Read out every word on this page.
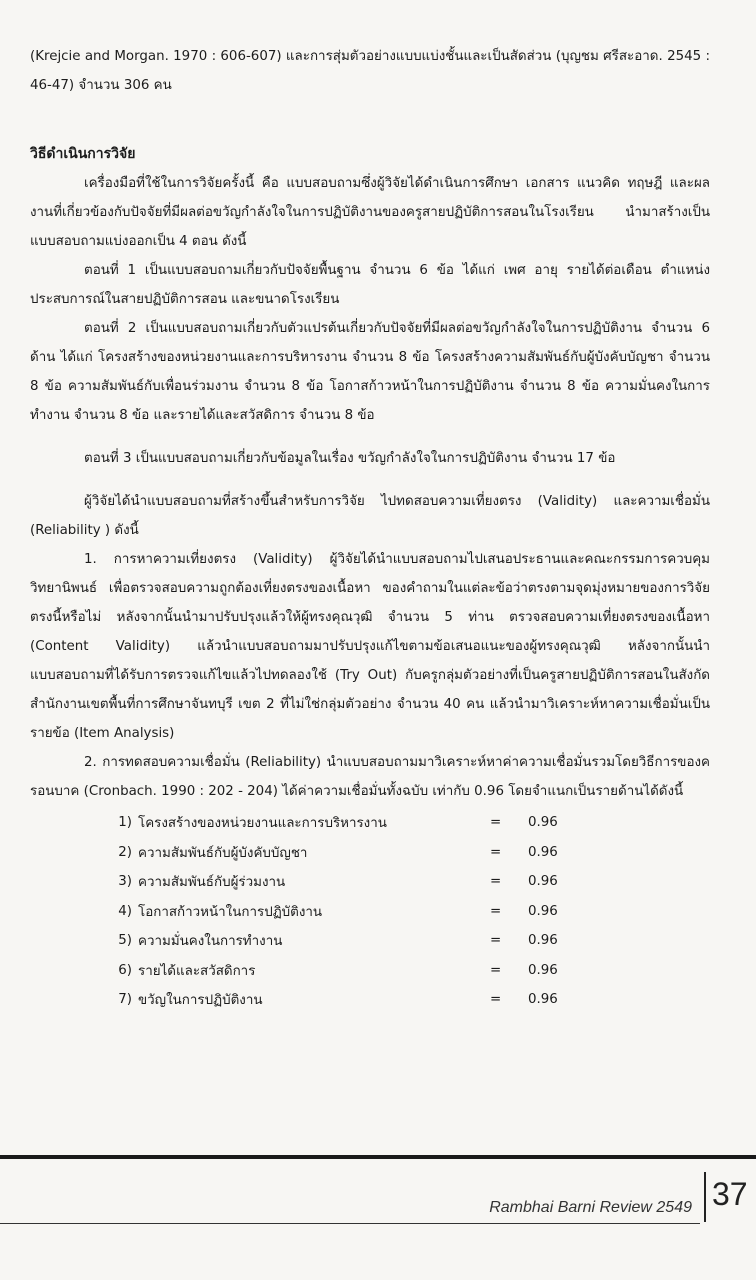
(Krejcie and Morgan. 1970 : 606-607) และการสุ่มตัวอย่างแบบแบ่งชั้นและเป็นสัดส่วน (บุญชม ศรีสะอาด. 2545 : 46-47) จำนวน 306 คน

วิธีดำเนินการวิจัย

เครื่องมือที่ใช้ในการวิจัยครั้งนี้ คือ แบบสอบถามซึ่งผู้วิจัยได้ดำเนินการศึกษา เอกสาร แนวคิด ทฤษฎี และผลงานที่เกี่ยวข้องกับปัจจัยที่มีผลต่อขวัญกำลังใจในการปฏิบัติงานของครูสายปฏิบัติการสอนในโรงเรียน นำมาสร้างเป็นแบบสอบถามแบ่งออกเป็น 4 ตอน ดังนี้

ตอนที่ 1 เป็นแบบสอบถามเกี่ยวกับปัจจัยพื้นฐาน จำนวน 6 ข้อ ได้แก่ เพศ อายุ รายได้ต่อเดือน ตำแหน่ง ประสบการณ์ในสายปฏิบัติการสอน และขนาดโรงเรียน

ตอนที่ 2 เป็นแบบสอบถามเกี่ยวกับตัวแปรต้นเกี่ยวกับปัจจัยที่มีผลต่อขวัญกำลังใจในการปฏิบัติงาน จำนวน 6 ด้าน ได้แก่ โครงสร้างของหน่วยงานและการบริหารงาน จำนวน 8 ข้อ โครงสร้างความสัมพันธ์กับผู้บังคับบัญชา จำนวน 8 ข้อ ความสัมพันธ์กับเพื่อนร่วมงาน จำนวน 8 ข้อ โอกาสก้าวหน้าในการปฏิบัติงาน จำนวน 8 ข้อ ความมั่นคงในการทำงาน จำนวน 8 ข้อ และรายได้และสวัสดิการ จำนวน 8 ข้อ

ตอนที่ 3 เป็นแบบสอบถามเกี่ยวกับข้อมูลในเรื่อง ขวัญกำลังใจในการปฏิบัติงาน จำนวน 17 ข้อ

ผู้วิจัยได้นำแบบสอบถามที่สร้างขึ้นสำหรับการวิจัย ไปทดสอบความเที่ยงตรง (Validity) และความเชื่อมั่น (Reliability ) ดังนี้

1. การหาความเที่ยงตรง (Validity) ผู้วิจัยได้นำแบบสอบถามไปเสนอประธานและคณะกรรมการควบคุมวิทยานิพนธ์ เพื่อตรวจสอบความถูกต้องเที่ยงตรงของเนื้อหา ของคำถามในแต่ละข้อว่าตรงตามจุดมุ่งหมายของการวิจัยตรงนี้หรือไม่ หลังจากนั้นนำมาปรับปรุงแล้วให้ผู้ทรงคุณวุฒิ จำนวน 5 ท่าน ตรวจสอบความเที่ยงตรงของเนื้อหา (Content Validity) แล้วนำแบบสอบถามมาปรับปรุงแก้ไขตามข้อเสนอแนะของผู้ทรงคุณวุฒิ หลังจากนั้นนำแบบสอบถามที่ได้รับการตรวจแก้ไขแล้วไปทดลองใช้ (Try Out) กับครูกลุ่มตัวอย่างที่เป็นครูสายปฏิบัติการสอนในสังกัดสำนักงานเขตพื้นที่การศึกษาจันทบุรี เขต 2 ที่ไม่ใช่กลุ่มตัวอย่าง จำนวน 40 คน แล้วนำมาวิเคราะห์หาความเชื่อมั่นเป็นรายข้อ (Item Analysis)

2. การทดสอบความเชื่อมั่น (Reliability) นำแบบสอบถามมาวิเคราะห์หาค่าความเชื่อมั่นรวมโดยวิธีการของครอนบาค (Cronbach. 1990 : 202 - 204) ได้ค่าความเชื่อมั่นทั้งฉบับ เท่ากับ 0.96 โดยจำแนกเป็นรายด้านได้ดังนี้

1) โครงสร้างของหน่วยงานและการบริหารงาน	=	0.96
2) ความสัมพันธ์กับผู้บังคับบัญชา	=	0.96
3) ความสัมพันธ์กับผู้ร่วมงาน	=	0.96
4) โอกาสก้าวหน้าในการปฏิบัติงาน	=	0.96
5) ความมั่นคงในการทำงาน	=	0.96
6) รายได้และสวัสดิการ	=	0.96
7) ขวัญในการปฏิบัติงาน	=	0.96
Rambhai Barni Review 2549 37
